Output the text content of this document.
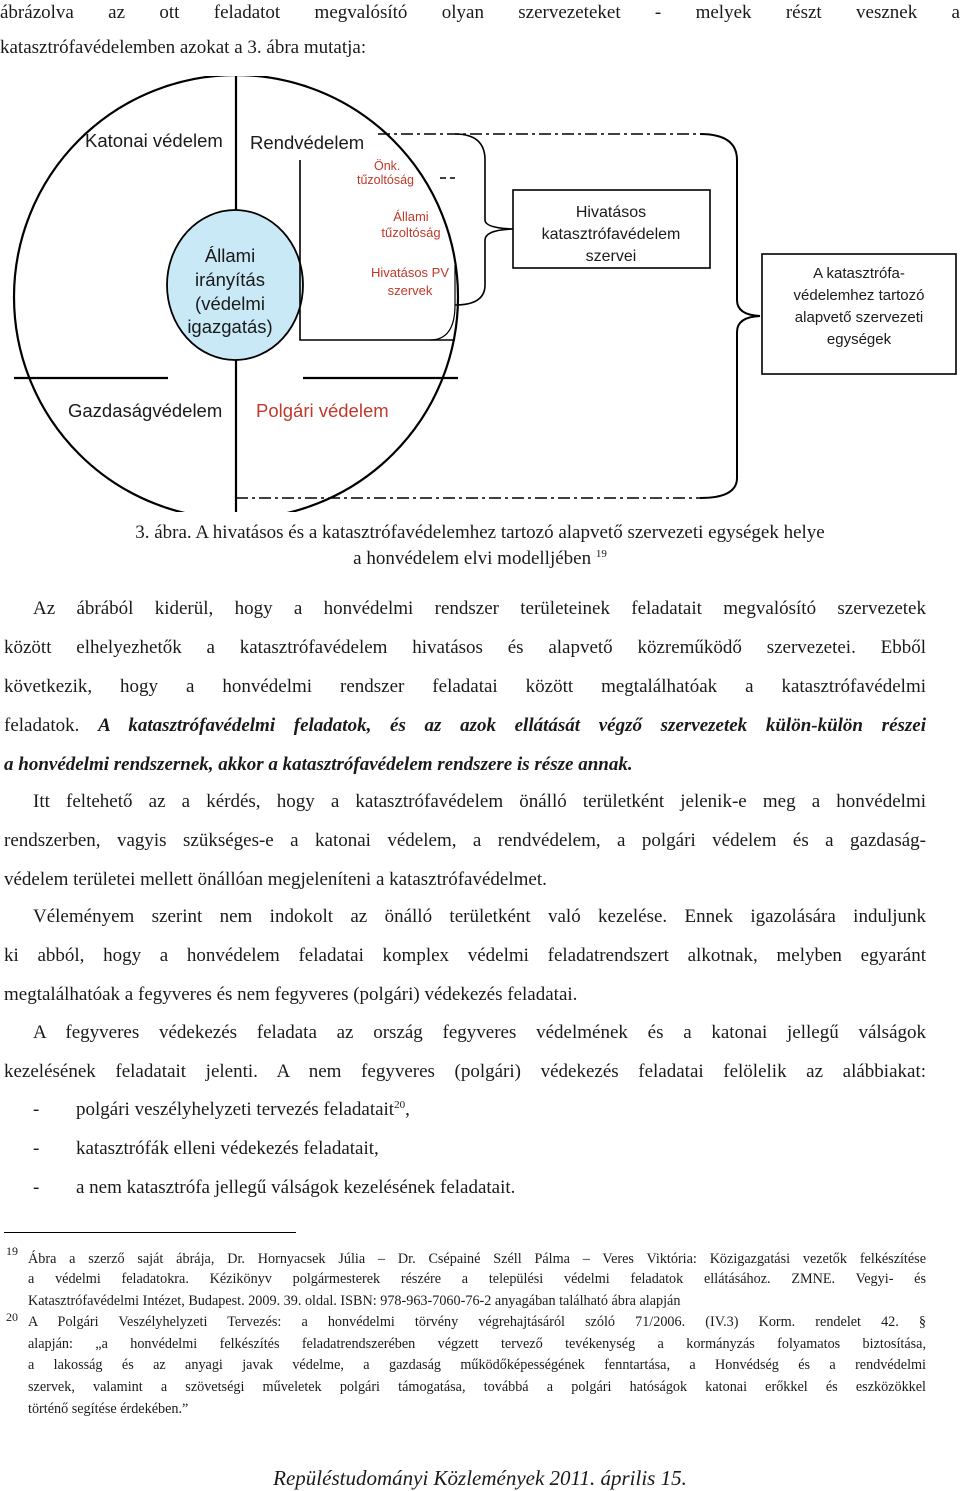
ábrázolva az ott feladatot megvalósító olyan szervezeteket - melyek részt vesznek a
katasztrófavédelemben azokat a 3. ábra mutatja:
Katonai védelem Rendvédelem
Önk.
tűzoltóság
Állami
tűzoltóság
Hivatásos PV
szervek
Állami
irányítás
(védelmi
igazgatás)
Hivatásos
katasztrófavédelem
szervei
A katasztrófa-
védelemhez tartozó
alapvető szervezeti
egységek
Gazdaságvédelem Polgári védelem
3. ábra. A hivatásos és a katasztrófavédelemhez tartozó alapvető szervezeti egységek helye
a honvédelem elvi modelljében $^{19}$
Az ábrából kiderül, hogy a honvédelmi rendszer területeinek feladatait megvalósító szervezetek
között elhelyezhetők a katasztrófavédelem hivatásos és alapvető közreműködő szervezetei. Ebből
következik, hogy a honvédelmi rendszer feladatai között megtalálhatóak a katasztrófavédelmi
feladatok. A katasztrófavédelmi feladatok, és az azok ellátását végző szervezetek külön-külön részei
a honvédelmi rendszernek, akkor a katasztrófavédelem rendszere is része annak.
Itt feltehető az a kérdés, hogy a katasztrófavédelem önálló területként jelenik-e meg a honvédelmi
rendszerben, vagyis szükséges-e a katonai védelem, a rendvédelem, a polgári védelem és a gazdaság-
védelem területei mellett önállóan megjeleníteni a katasztrófavédelmet.
Véleményem szerint nem indokolt az önálló területként való kezelése. Ennek igazolására induljunk
ki abból, hogy a honvédelem feladatai komplex védelmi feladatrendszert alkotnak, melyben egyaránt
megtalálhatóak a fegyveres és nem fegyveres (polgári) védekezés feladatai.
A fegyveres védekezés feladata az ország fegyveres védelmének és a katonai jellegű válságok
kezelésének feladatait jelenti. A nem fegyveres (polgári) védekezés feladatai felölelik az alábbiakat:
- polgári veszélyhelyzeti tervezés feladatait$^{20}$,
- katasztrófák elleni védekezés feladatait,
- a nem katasztrófa jellegű válságok kezelésének feladatait.
19 Ábra a szerző saját ábrája, Dr. Hornyacsek Júlia – Dr. Csépainé Széll Pálma – Veres Viktória: Közigazgatási vezetők felkészítése
a védelmi feladatokra. Kézikönyv polgármesterek részére a települési védelmi feladatok ellátásához. ZMNE. Vegyi- és
Katasztrófavédelmi Intézet, Budapest. 2009. 39. oldal. ISBN: 978-963-7060-76-2 anyagában található ábra alapján
20 A Polgári Veszélyhelyzeti Tervezés: a honvédelmi törvény végrehajtásáról szóló 71/2006. (IV.3) Korm. rendelet 42. §
alapján: „a honvédelmi felkészítés feladatrendszerében végzett tervező tevékenység a kormányzás folyamatos biztosítása,
a lakosság és az anyagi javak védelme, a gazdaság működőképességének fenntartása, a Honvédség és a rendvédelmi
szervek, valamint a szövetségi műveletek polgári támogatása, továbbá a polgári hatóságok katonai erőkkel és eszközökkel
történő segítése érdekében.”
Repüléstudományi Közlemények 2011. április 15.
